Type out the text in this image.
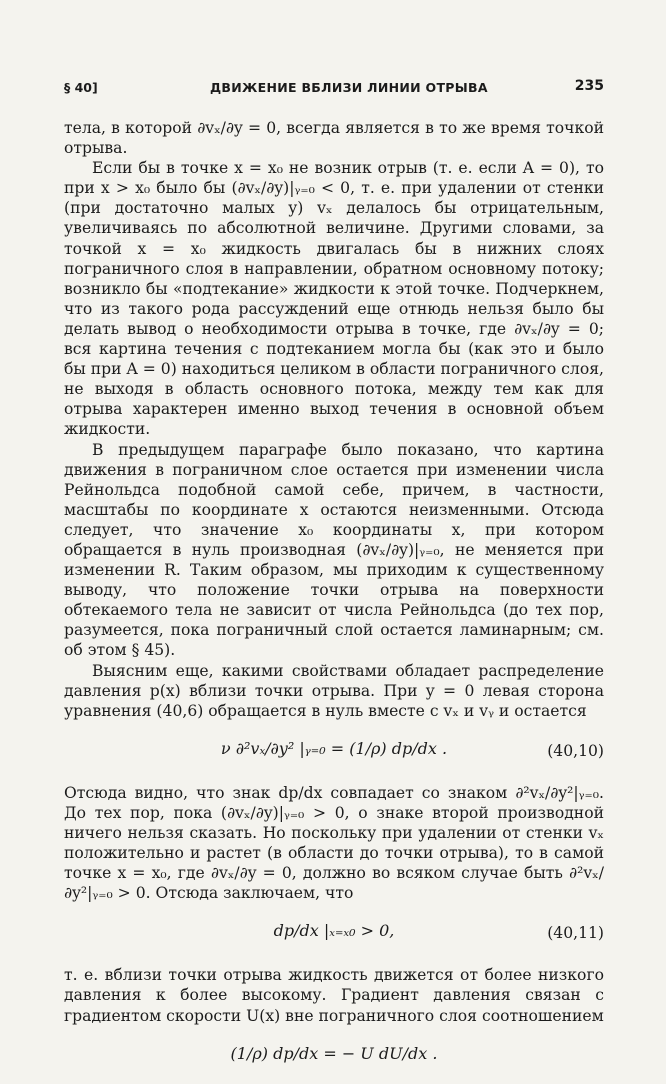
§ 40]	ДВИЖЕНИЕ ВБЛИЗИ ЛИНИИ ОТРЫВА	235

тела, в которой ∂vₓ/∂y = 0, всегда является в то же время точкой отрыва.

Если бы в точке x = x₀ не возник отрыв (т. е. если A = 0), то при x > x₀ было бы (∂vₓ/∂y)|ᵧ₌₀ < 0, т. е. при удалении от стенки (при достаточно малых y) vₓ делалось бы отрицательным, увеличиваясь по абсолютной величине. Другими словами, за точкой x = x₀ жидкость двигалась бы в нижних слоях пограничного слоя в направлении, обратном основному потоку; возникло бы «подтекание» жидкости к этой точке. Подчеркнем, что из такого рода рассуждений еще отнюдь нельзя было бы делать вывод о необходимости отрыва в точке, где ∂vₓ/∂y = 0; вся картина течения с подтеканием могла бы (как это и было бы при A = 0) находиться целиком в области пограничного слоя, не выходя в область основного потока, между тем как для отрыва характерен именно выход течения в основной объем жидкости.

В предыдущем параграфе было показано, что картина движения в пограничном слое остается при изменении числа Рейнольдса подобной самой себе, причем, в частности, масштабы по координате x остаются неизменными. Отсюда следует, что значение x₀ координаты x, при котором обращается в нуль производная (∂vₓ/∂y)|ᵧ₌₀, не меняется при изменении R. Таким образом, мы приходим к существенному выводу, что положение точки отрыва на поверхности обтекаемого тела не зависит от числа Рейнольдса (до тех пор, разумеется, пока пограничный слой остается ламинарным; см. об этом § 45).

Выясним еще, какими свойствами обладает распределение давления p(x) вблизи точки отрыва. При y = 0 левая сторона уравнения (40,6) обращается в нуль вместе с vₓ и vᵧ и остается

ν ∂²vₓ/∂y² |ᵧ₌₀ = (1/ρ) dp/dx .	(40,10)

Отсюда видно, что знак dp/dx совпадает со знаком ∂²vₓ/∂y²|ᵧ₌₀. До тех пор, пока (∂vₓ/∂y)|ᵧ₌₀ > 0, о знаке второй производной ничего нельзя сказать. Но поскольку при удалении от стенки vₓ положительно и растет (в области до точки отрыва), то в самой точке x = x₀, где ∂vₓ/∂y = 0, должно во всяком случае быть ∂²vₓ/∂y²|ᵧ₌₀ > 0. Отсюда заключаем, что

dp/dx |ₓ₌ₓ₀ > 0,	(40,11)

т. е. вблизи точки отрыва жидкость движется от более низкого давления к более высокому. Градиент давления связан с градиентом скорости U(x) вне пограничного слоя соотношением

(1/ρ) dp/dx = − U dU/dx .
